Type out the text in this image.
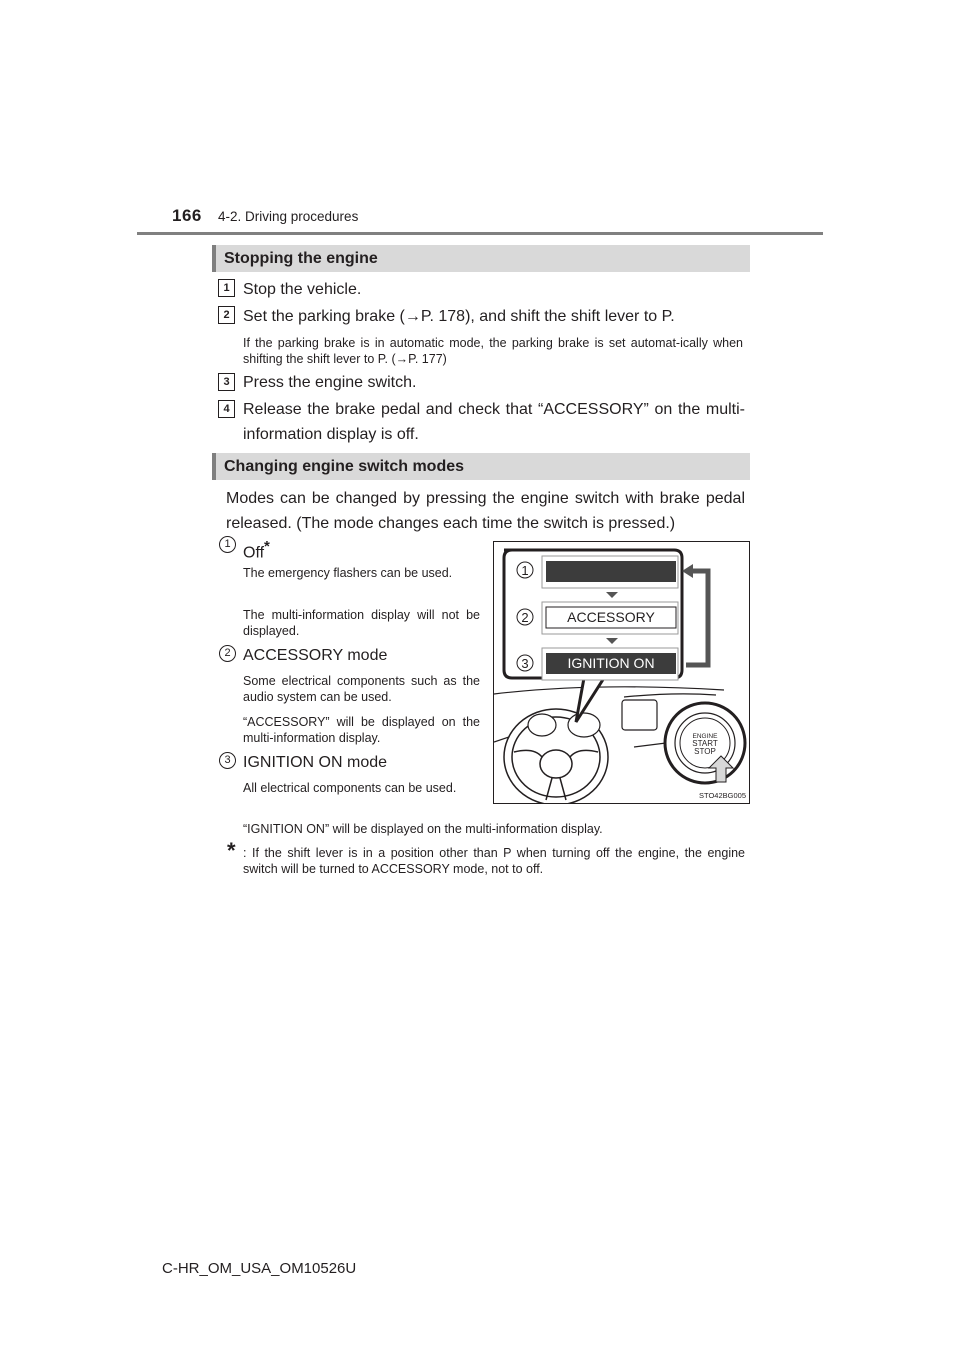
166 4-2. Driving procedures
Stopping the engine
1 Stop the vehicle.
2 Set the parking brake (→P. 178), and shift the shift lever to P.
If the parking brake is in automatic mode, the parking brake is set automat-ically when shifting the shift lever to P. (→P. 177)
3 Press the engine switch.
4 Release the brake pedal and check that “ACCESSORY” on the multi-information display is off.
Changing engine switch modes
Modes can be changed by pressing the engine switch with brake pedal released. (The mode changes each time the switch is pressed.)
1
Off*
The emergency flashers can be used.
The multi-information display will not be displayed.
2 ACCESSORY mode
Some electrical components such as the audio system can be used.
“ACCESSORY” will be displayed on the multi-information display.
3 IGNITION ON mode
All electrical components can be used.
“IGNITION ON” will be displayed on the multi-information display.
* : If the shift lever is in a position other than P when turning off the engine, the engine switch will be turned to ACCESSORY mode, not to off.
ACCESSORY
IGNITION ON
1
2
3
ENGINE
START
STOP
STO42BG005
C-HR_OM_USA_OM10526U
